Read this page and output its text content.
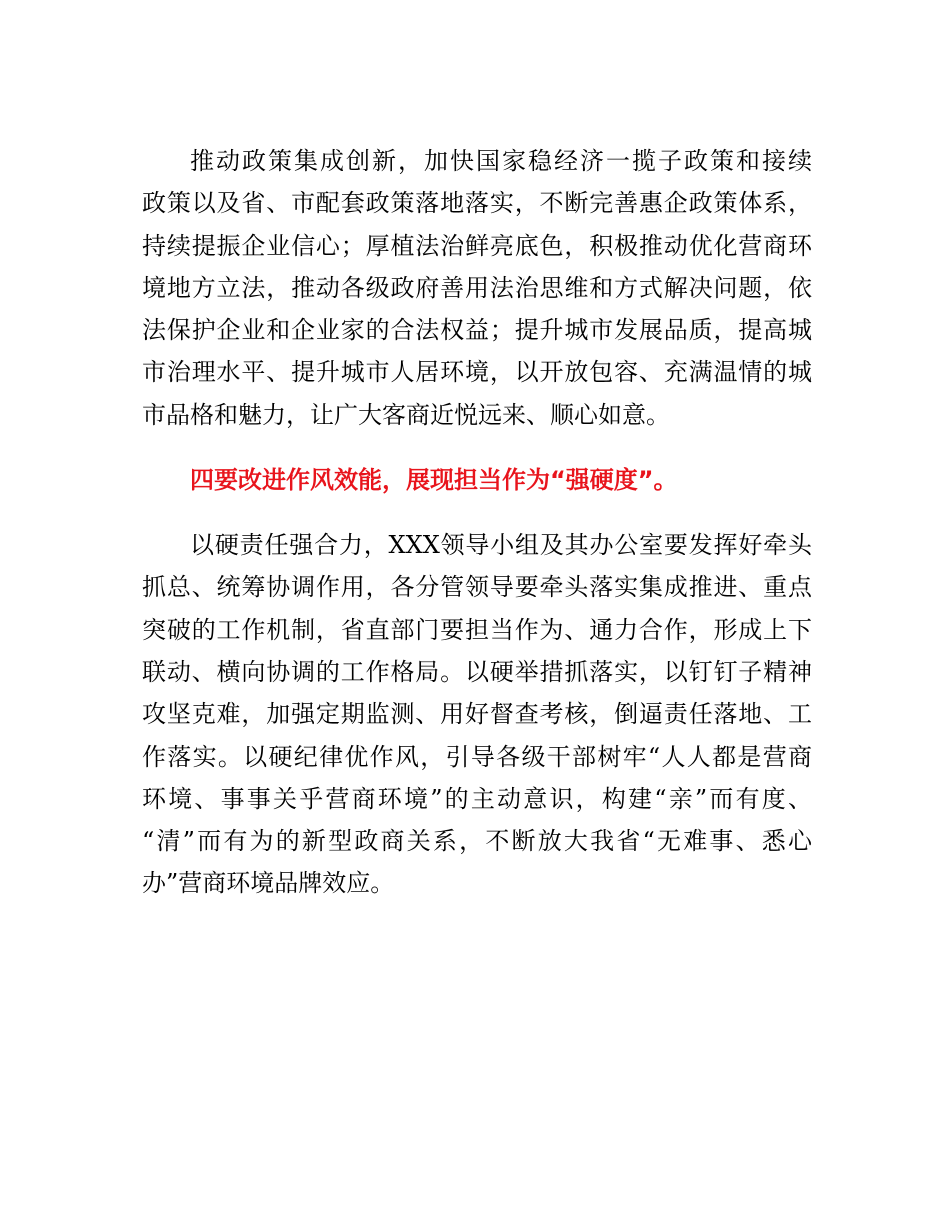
推动政策集成创新，加快国家稳经济一揽子政策和接续
政策以及省、市配套政策落地落实，不断完善惠企政策体系，
持续提振企业信心；厚植法治鲜亮底色，积极推动优化营商环
境地方立法，推动各级政府善用法治思维和方式解决问题，依
法保护企业和企业家的合法权益；提升城市发展品质，提高城
市治理水平、提升城市人居环境，以开放包容、充满温情的城
市品格和魅力，让广大客商近悦远来、顺心如意。
四要改进作风效能，展现担当作为“强硬度”。
以硬责任强合力，XXX领导小组及其办公室要发挥好牵头
抓总、统筹协调作用，各分管领导要牵头落实集成推进、重点
突破的工作机制，省直部门要担当作为、通力合作，形成上下
联动、横向协调的工作格局。以硬举措抓落实，以钉钉子精神
攻坚克难，加强定期监测、用好督查考核，倒逼责任落地、工
作落实。以硬纪律优作风，引导各级干部树牢“人人都是营商
环境、事事关乎营商环境”的主动意识，构建“亲”而有度、
“清”而有为的新型政商关系，不断放大我省“无难事、悉心
办”营商环境品牌效应。
